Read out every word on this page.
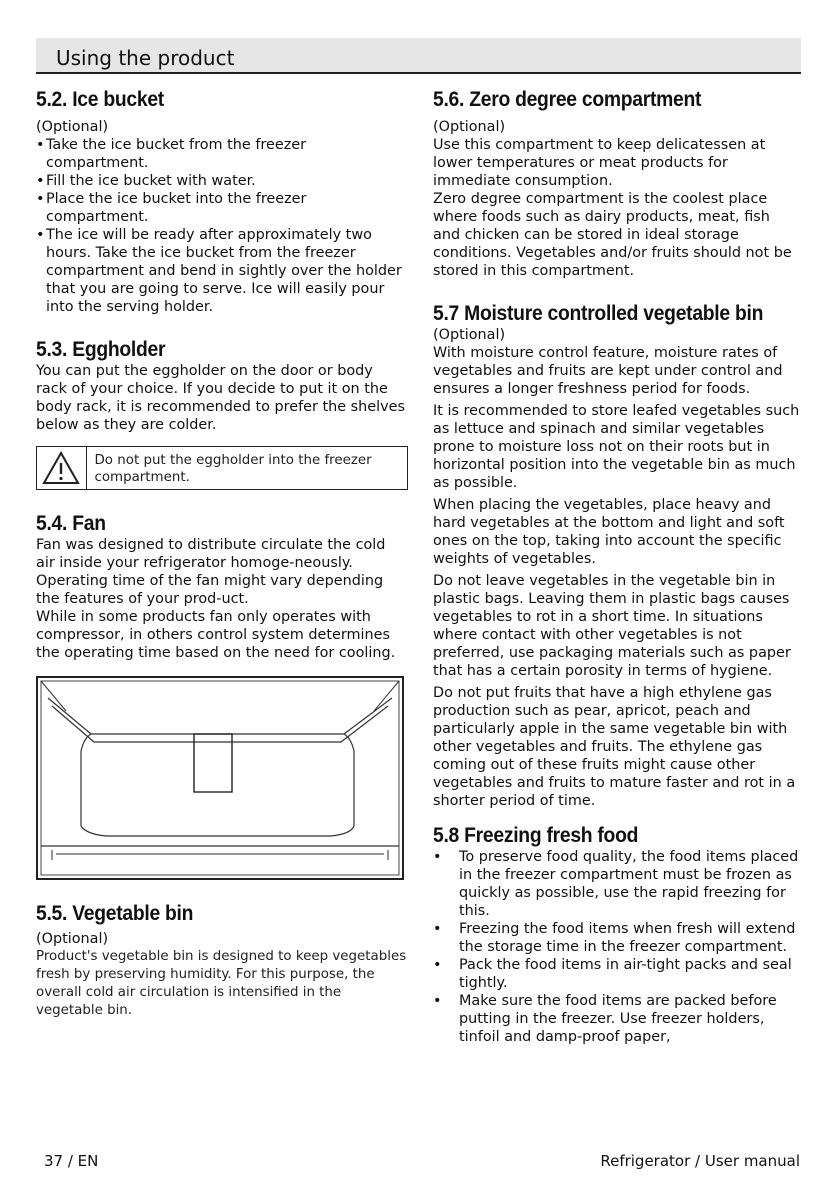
Using the product
5.2. Ice bucket

(Optional)

• Take the ice bucket from the freezer compartment.
• Fill the ice bucket with water.
• Place the ice bucket into the freezer compartment.
• The ice will be ready after approximately two hours. Take the ice bucket from the freezer compartment and bend in sightly over the holder that you are going to serve. Ice will easily pour into the serving holder.
5.3. Eggholder

You can put the eggholder on the door or body rack of your choice. If you decide to put it on the body rack, it is recommended to prefer the shelves below as they are colder.

Do not put the eggholder into the freezer compartment.
5.4. Fan

Fan was designed to distribute circulate the cold air inside your refrigerator homoge-neously. Operating time of the fan might vary depending the features of your prod-uct.

While in some products fan only operates with compressor, in others control system determines the operating time based on the need for cooling.

5.5. Vegetable bin

(Optional)

Product's vegetable bin is designed to keep vegetables fresh by preserving humidity. For this purpose, the overall cold air circulation is intensified in the vegetable bin.

5.6. Zero degree compartment

(Optional)

Use this compartment to keep delicatessen at lower temperatures or meat products for immediate consumption.

Zero degree compartment is the coolest place where foods such as dairy products, meat, fish and chicken can be stored in ideal storage conditions. Vegetables and/or fruits should not be stored in this compartment.

5.7 Moisture controlled vegetable bin

(Optional)

With moisture control feature, moisture rates of vegetables and fruits are kept under control and ensures a longer freshness period for foods.

It is recommended to store leafed vegetables such as lettuce and spinach and similar vegetables prone to moisture loss not on their roots but in horizontal position into the vegetable bin as much as possible.

When placing the vegetables, place heavy and hard vegetables at the bottom and light and soft ones on the top, taking into account the specific weights of vegetables.

Do not leave vegetables in the vegetable bin in plastic bags. Leaving them in plastic bags causes vegetables to rot in a short time. In situations where contact with other vegetables is not preferred, use packaging materials such as paper that has a certain porosity in terms of hygiene.

Do not put fruits that have a high ethylene gas production such as pear, apricot, peach and particularly apple in the same vegetable bin with other vegetables and fruits. The ethylene gas coming out of these fruits might cause other vegetables and fruits to mature faster and rot in a shorter period of time.

5.8 Freezing fresh food
• To preserve food quality, the food items placed in the freezer compartment must be frozen as quickly as possible, use the rapid freezing for this.
• Freezing the food items when fresh will extend the storage time in the freezer compartment.
• Pack the food items in air-tight packs and seal tightly.
• Make sure the food items are packed before putting in the freezer. Use freezer holders, tinfoil and damp-proof paper,
37 / EN	Refrigerator / User manual
